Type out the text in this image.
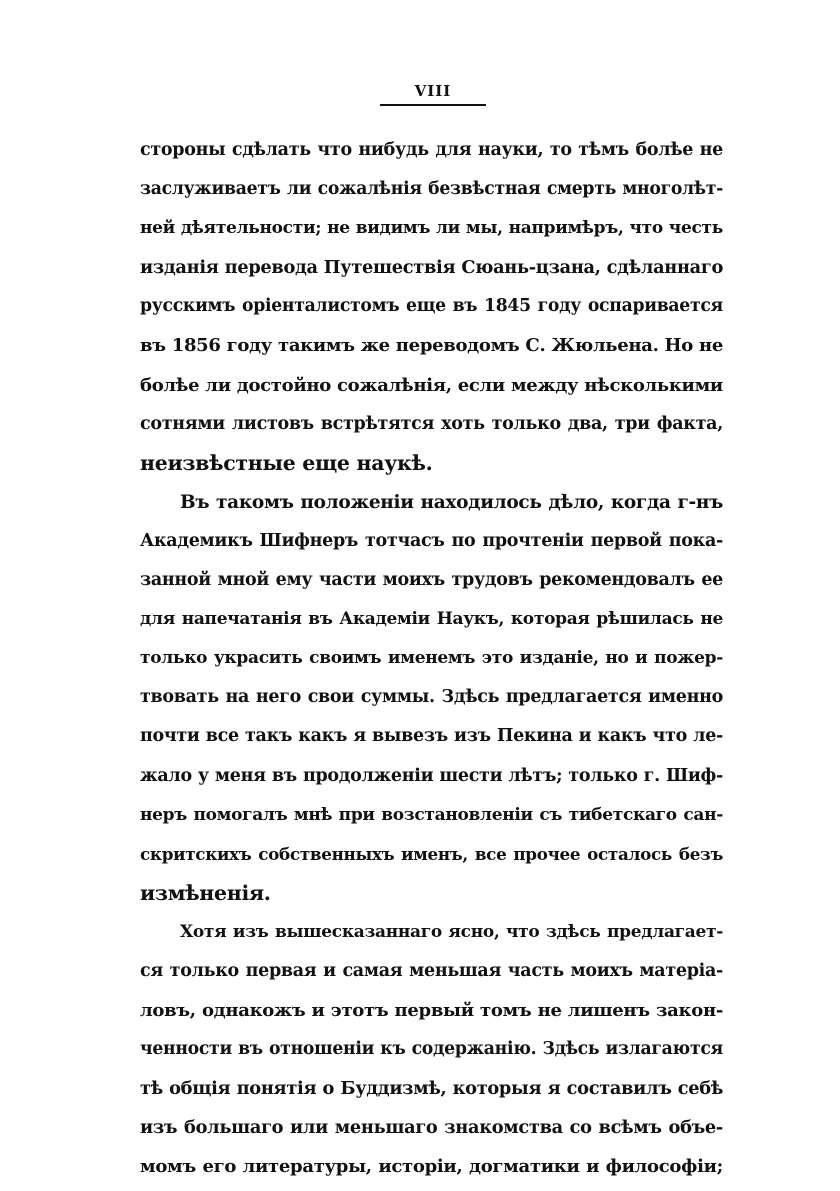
VIII
стороны сдѣлать что нибудь для науки, то тѣмъ болѣе не
заслуживаетъ ли сожалѣнія безвѣстная смерть многолѣт-
ней дѣятельности; не видимъ ли мы, напримѣръ, что честь
изданія перевода Путешествія Сюань-цзана, сдѣланнаго
русскимъ оріенталистомъ еще въ 1845 году оспаривается
въ 1856 году такимъ же переводомъ С. Жюльена. Но не
болѣе ли достойно сожалѣнія, если между нѣсколькими
сотнями листовъ встрѣтятся хоть только два, три факта,
неизвѣстные еще наукѣ.
Въ такомъ положеніи находилось дѣло, когда г-нъ
Академикъ Шифнеръ тотчасъ по прочтеніи первой пока-
занной мной ему части моихъ трудовъ рекомендовалъ ее
для напечатанія въ Академіи Наукъ, которая рѣшилась не
только украсить своимъ именемъ это изданіе, но и пожер-
твовать на него свои суммы. Здѣсь предлагается именно
почти все такъ какъ я вывезъ изъ Пекина и какъ что ле-
жало у меня въ продолженіи шести лѣтъ; только г. Шиф-
неръ помогалъ мнѣ при возстановленіи съ тибетскаго сан-
скритскихъ собственныхъ именъ, все прочее осталось безъ
измѣненія.
Хотя изъ вышесказаннаго ясно, что здѣсь предлагает-
ся только первая и самая меньшая часть моихъ матеріа-
ловъ, однакожъ и этотъ первый томъ не лишенъ закон-
ченности въ отношеніи къ содержанію. Здѣсь излагаются
тѣ общія понятія о Буддизмѣ, которыя я составилъ себѣ
изъ большаго или меньшаго знакомства со всѣмъ объе-
момъ его литературы, исторіи, догматики и философіи;
